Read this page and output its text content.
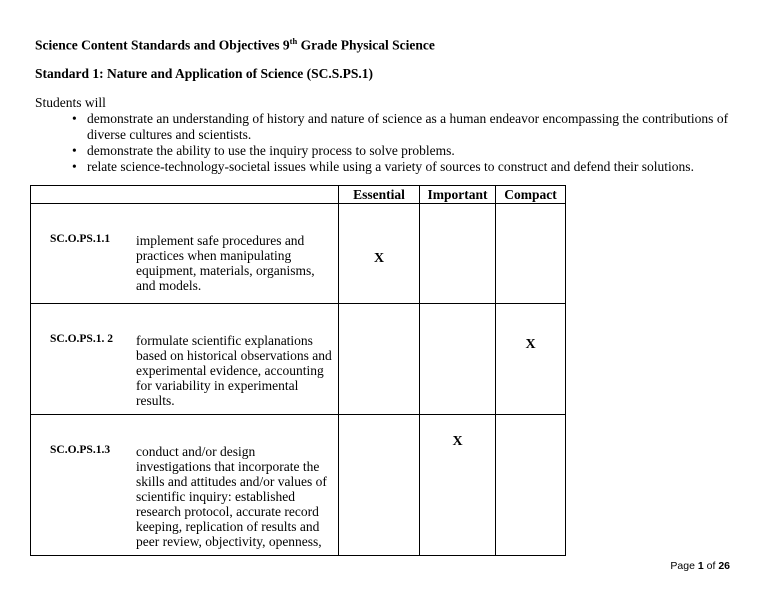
Science Content Standards and Objectives 9th Grade Physical Science
Standard 1: Nature and Application of Science (SC.S.PS.1)
Students will
• demonstrate an understanding of history and nature of science as a human endeavor encompassing the contributions of diverse cultures and scientists.
• demonstrate the ability to use the inquiry process to solve problems.
• relate science-technology-societal issues while using a variety of sources to construct and defend their solutions.
		Essential	Important	Compact
SC.O.PS.1.1	implement safe procedures and practices when manipulating equipment, materials, organisms, and models.	X		

SC.O.PS.1. 2	formulate scientific explanations based on historical observations and experimental evidence, accounting for variability in experimental results.			X

SC.O.PS.1.3	conduct and/or design investigations that incorporate the skills and attitudes and/or values of scientific inquiry: established research protocol, accurate record keeping, replication of results and peer review, objectivity, openness,		X	

Page 1 of 26
